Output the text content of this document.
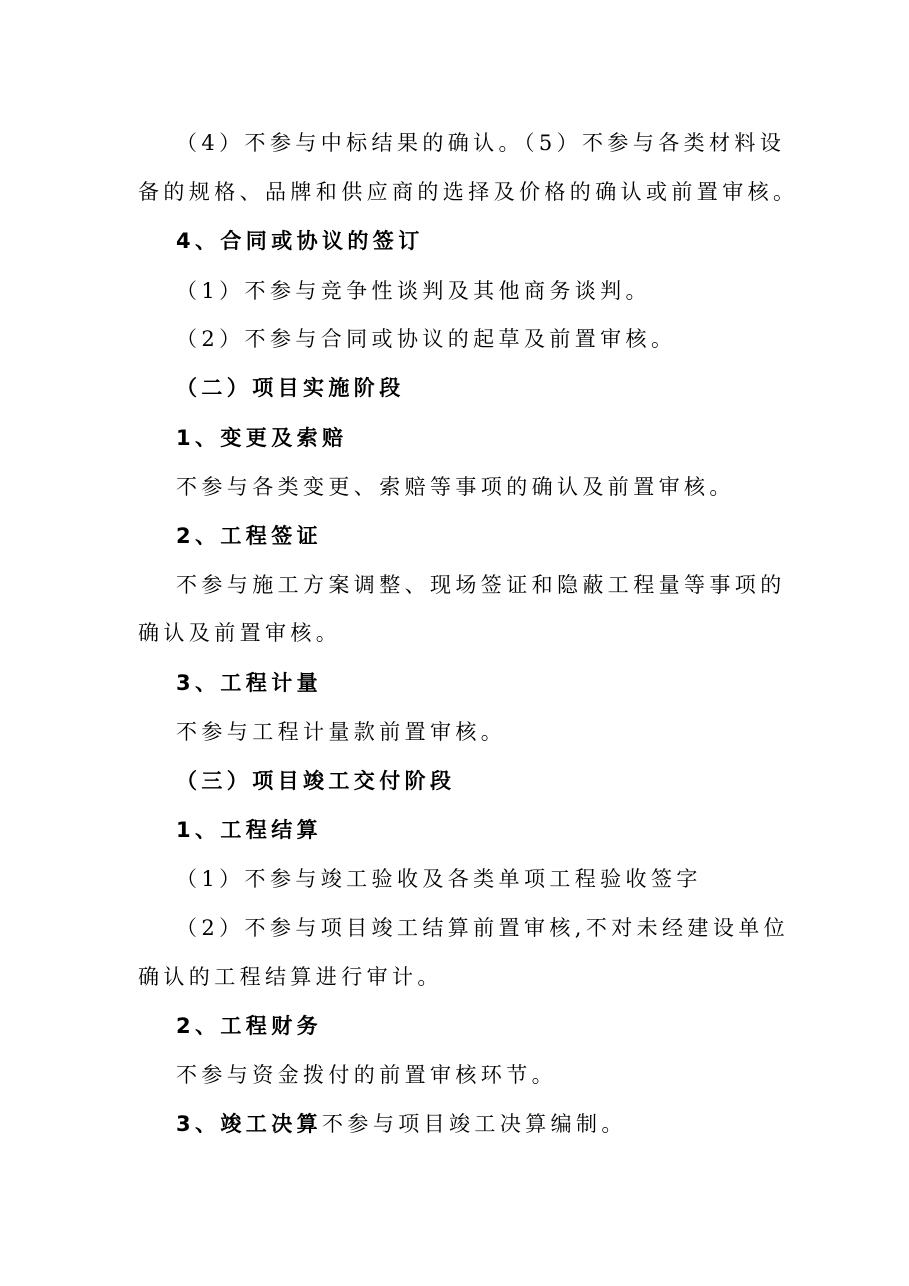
（4）不参与中标结果的确认。（5）不参与各类材料设
备的规格、品牌和供应商的选择及价格的确认或前置审核。
4、合同或协议的签订
（1）不参与竞争性谈判及其他商务谈判。
（2）不参与合同或协议的起草及前置审核。
（二）项目实施阶段
1、变更及索赔
不参与各类变更、索赔等事项的确认及前置审核。
2、工程签证
不参与施工方案调整、现场签证和隐蔽工程量等事项的
确认及前置审核。
3、工程计量
不参与工程计量款前置审核。
（三）项目竣工交付阶段
1、工程结算
（1）不参与竣工验收及各类单项工程验收签字
（2）不参与项目竣工结算前置审核,不对未经建设单位
确认的工程结算进行审计。
2、工程财务
不参与资金拨付的前置审核环节。
3、竣工决算不参与项目竣工决算编制。
